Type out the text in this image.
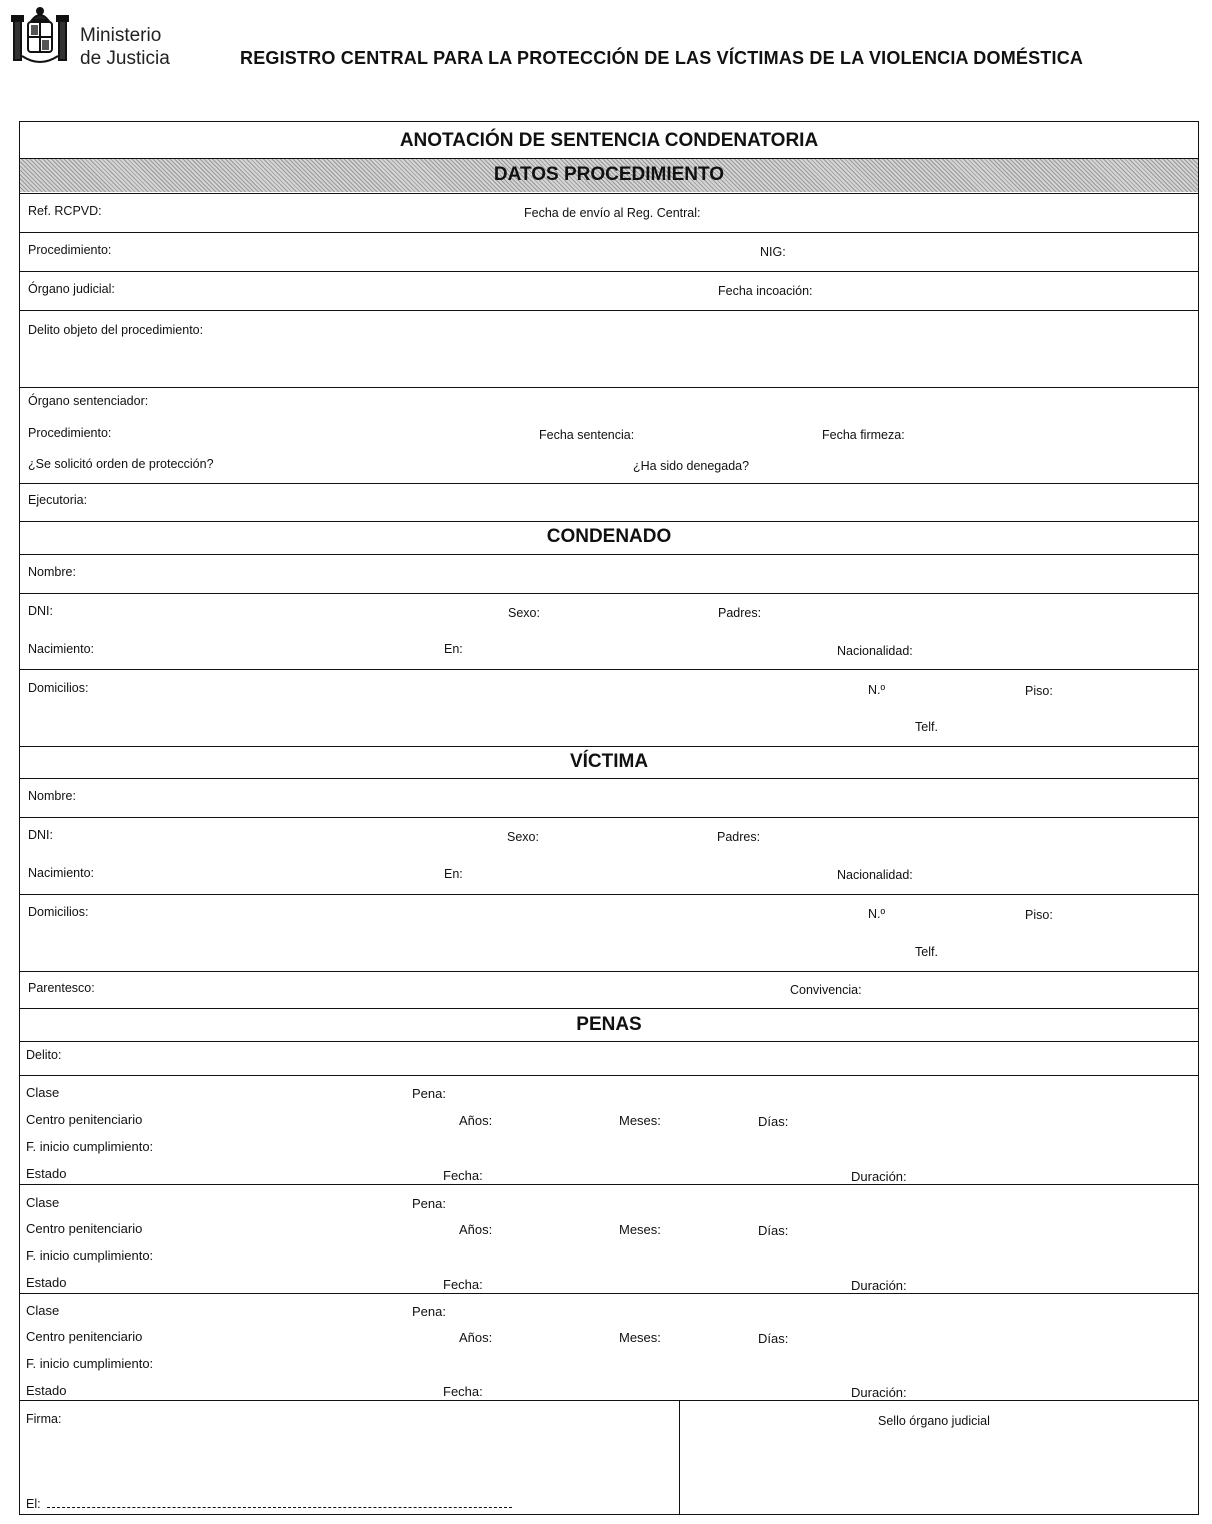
Ministerio
de Justicia	REGISTRO CENTRAL PARA LA PROTECCIÓN DE LAS VÍCTIMAS DE LA VIOLENCIA DOMÉSTICA
ANOTACIÓN DE SENTENCIA CONDENATORIA
DATOS PROCEDIMIENTO
Ref. RCPVD:	Fecha de envío al Reg. Central:
Procedimiento:	NIG:
Órgano judicial:	Fecha incoación:
Delito objeto del procedimiento:
Órgano sentenciador:
Procedimiento:	Fecha sentencia:	Fecha firmeza:
¿Se solicitó orden de protección?	¿Ha sido denegada?
Ejecutoria:
CONDENADO
Nombre:
DNI:	Sexo:	Padres:
Nacimiento:	En:	Nacionalidad:
Domicilios:	N.º	Piso:
Telf.
VÍCTIMA
Nombre:
DNI:	Sexo:	Padres:
Nacimiento:	En:	Nacionalidad:
Domicilios:	N.º	Piso:
Telf.
Parentesco:	Convivencia:
PENAS
Delito:
Clase	Pena:
Centro penitenciario	Años:	Meses:	Días:
F. inicio cumplimiento:
Estado	Fecha:	Duración:
Clase	Pena:
Centro penitenciario	Años:	Meses:	Días:
F. inicio cumplimiento:
Estado	Fecha:	Duración:
Clase	Pena:
Centro penitenciario	Años:	Meses:	Días:
F. inicio cumplimiento:
Estado	Fecha:	Duración:
Firma:	Sello órgano judicial
El:
